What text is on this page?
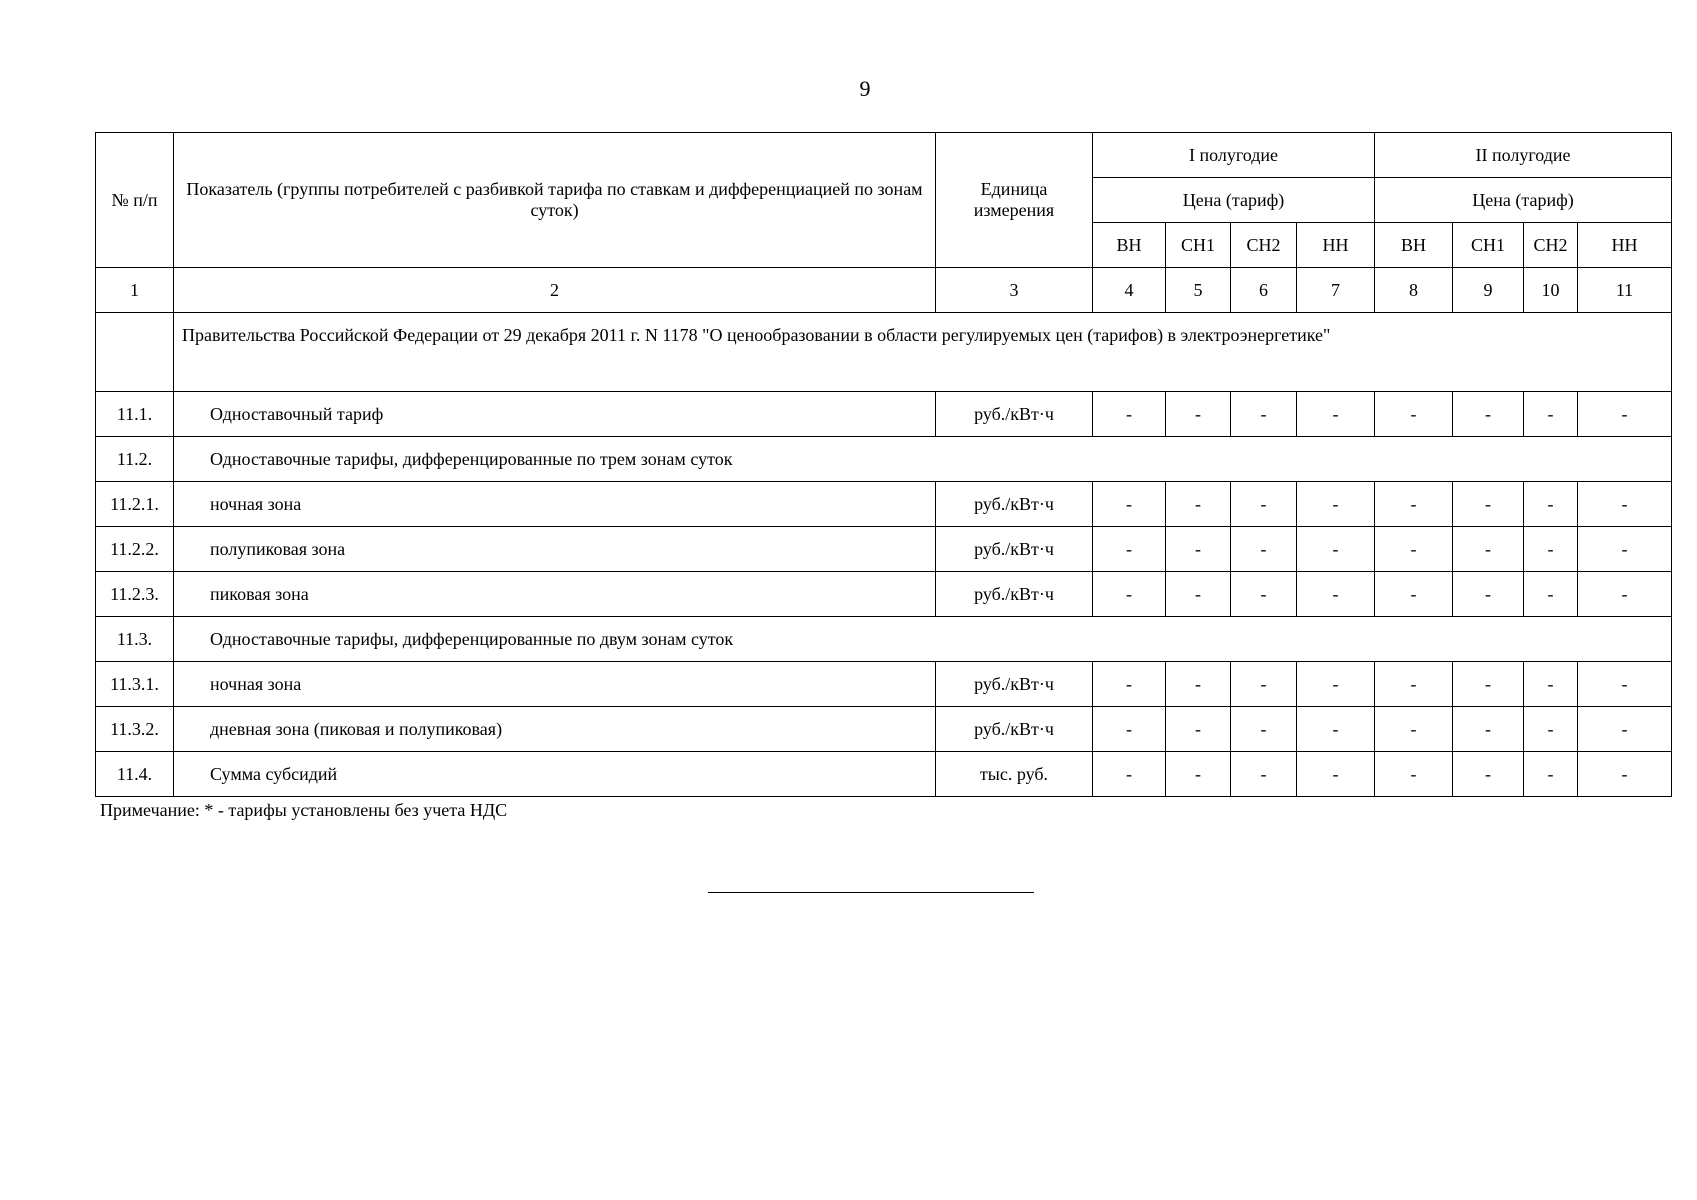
9
№ п/п	Показатель (группы потребителей с разбивкой тарифа по ставкам и дифференциацией по зонам суток)	Единица измерения	I полугодие				II полугодие			
			Цена (тариф)				Цена (тариф)			
			ВН	СН1	СН2	НН	ВН	СН1	СН2	НН
1	2	3	4	5	6	7	8	9	10	11
	Правительства Российской Федерации от 29 декабря 2011 г. N 1178 "О ценообразовании в области регулируемых цен (тарифов) в электроэнергетике"									
11.1.	Одноставочный тариф	руб./кВт·ч	-	-	-	-	-	-	-	-
11.2.	Одноставочные тарифы, дифференцированные по трем зонам суток									
11.2.1.	ночная зона	руб./кВт·ч	-	-	-	-	-	-	-	-
11.2.2.	полупиковая зона	руб./кВт·ч	-	-	-	-	-	-	-	-
11.2.3.	пиковая зона	руб./кВт·ч	-	-	-	-	-	-	-	-
11.3.	Одноставочные тарифы, дифференцированные по двум зонам суток									
11.3.1.	ночная зона	руб./кВт·ч	-	-	-	-	-	-	-	-
11.3.2.	дневная зона (пиковая и полупиковая)	руб./кВт·ч	-	-	-	-	-	-	-	-
11.4.	Сумма субсидий	тыс. руб.	-	-	-	-	-	-	-	-
Примечание: * - тарифы установлены без учета НДС
